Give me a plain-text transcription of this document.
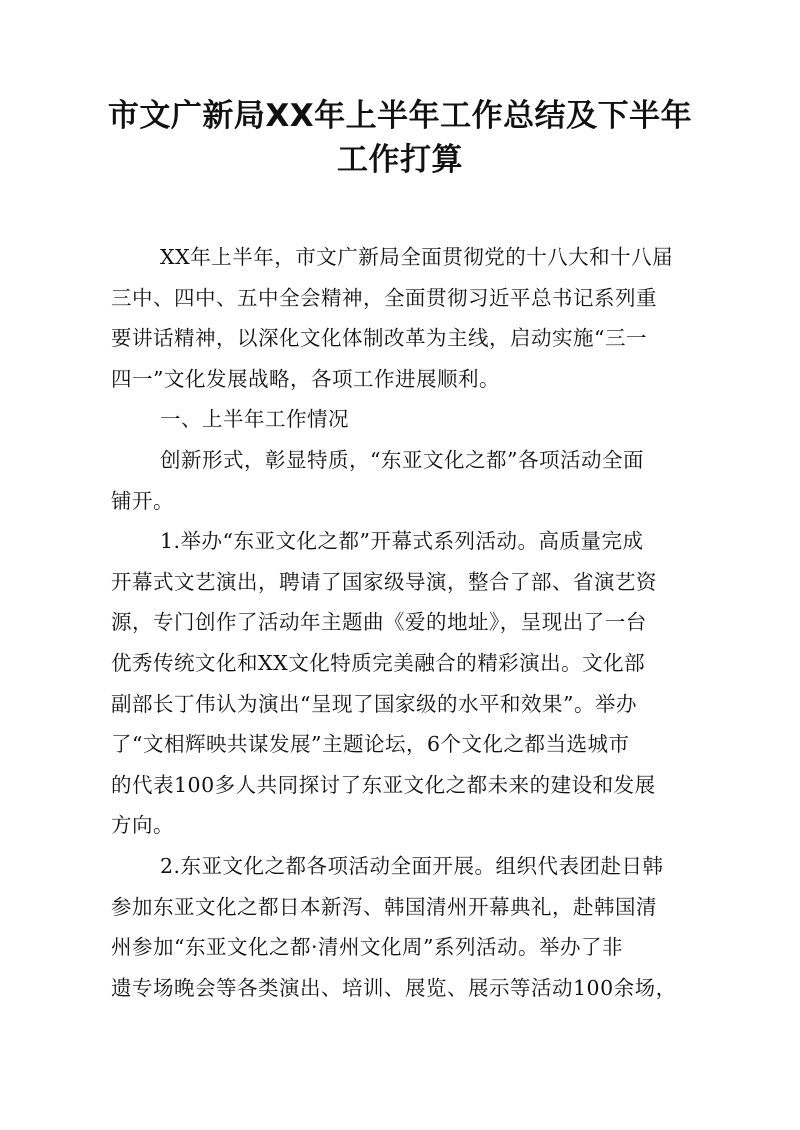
市文广新局XX年上半年工作总结及下半年
工作打算
XX年上半年，市文广新局全面贯彻党的十八大和十八届
三中、四中、五中全会精神，全面贯彻习近平总书记系列重
要讲话精神，以深化文化体制改革为主线，启动实施“三一
四一”文化发展战略，各项工作进展顺利。
一、上半年工作情况
创新形式，彰显特质，“东亚文化之都”各项活动全面
铺开。
1.举办“东亚文化之都”开幕式系列活动。高质量完成
开幕式文艺演出，聘请了国家级导演，整合了部、省演艺资
源，专门创作了活动年主题曲《爱的地址》，呈现出了一台
优秀传统文化和XX文化特质完美融合的精彩演出。文化部
副部长丁伟认为演出“呈现了国家级的水平和效果”。举办
了“文相辉映共谋发展”主题论坛，6个文化之都当选城市
的代表100多人共同探讨了东亚文化之都未来的建设和发展
方向。
2.东亚文化之都各项活动全面开展。组织代表团赴日韩
参加东亚文化之都日本新泻、韩国清州开幕典礼，赴韩国清
州参加“东亚文化之都·清州文化周”系列活动。举办了非
遗专场晚会等各类演出、培训、展览、展示等活动100余场，
